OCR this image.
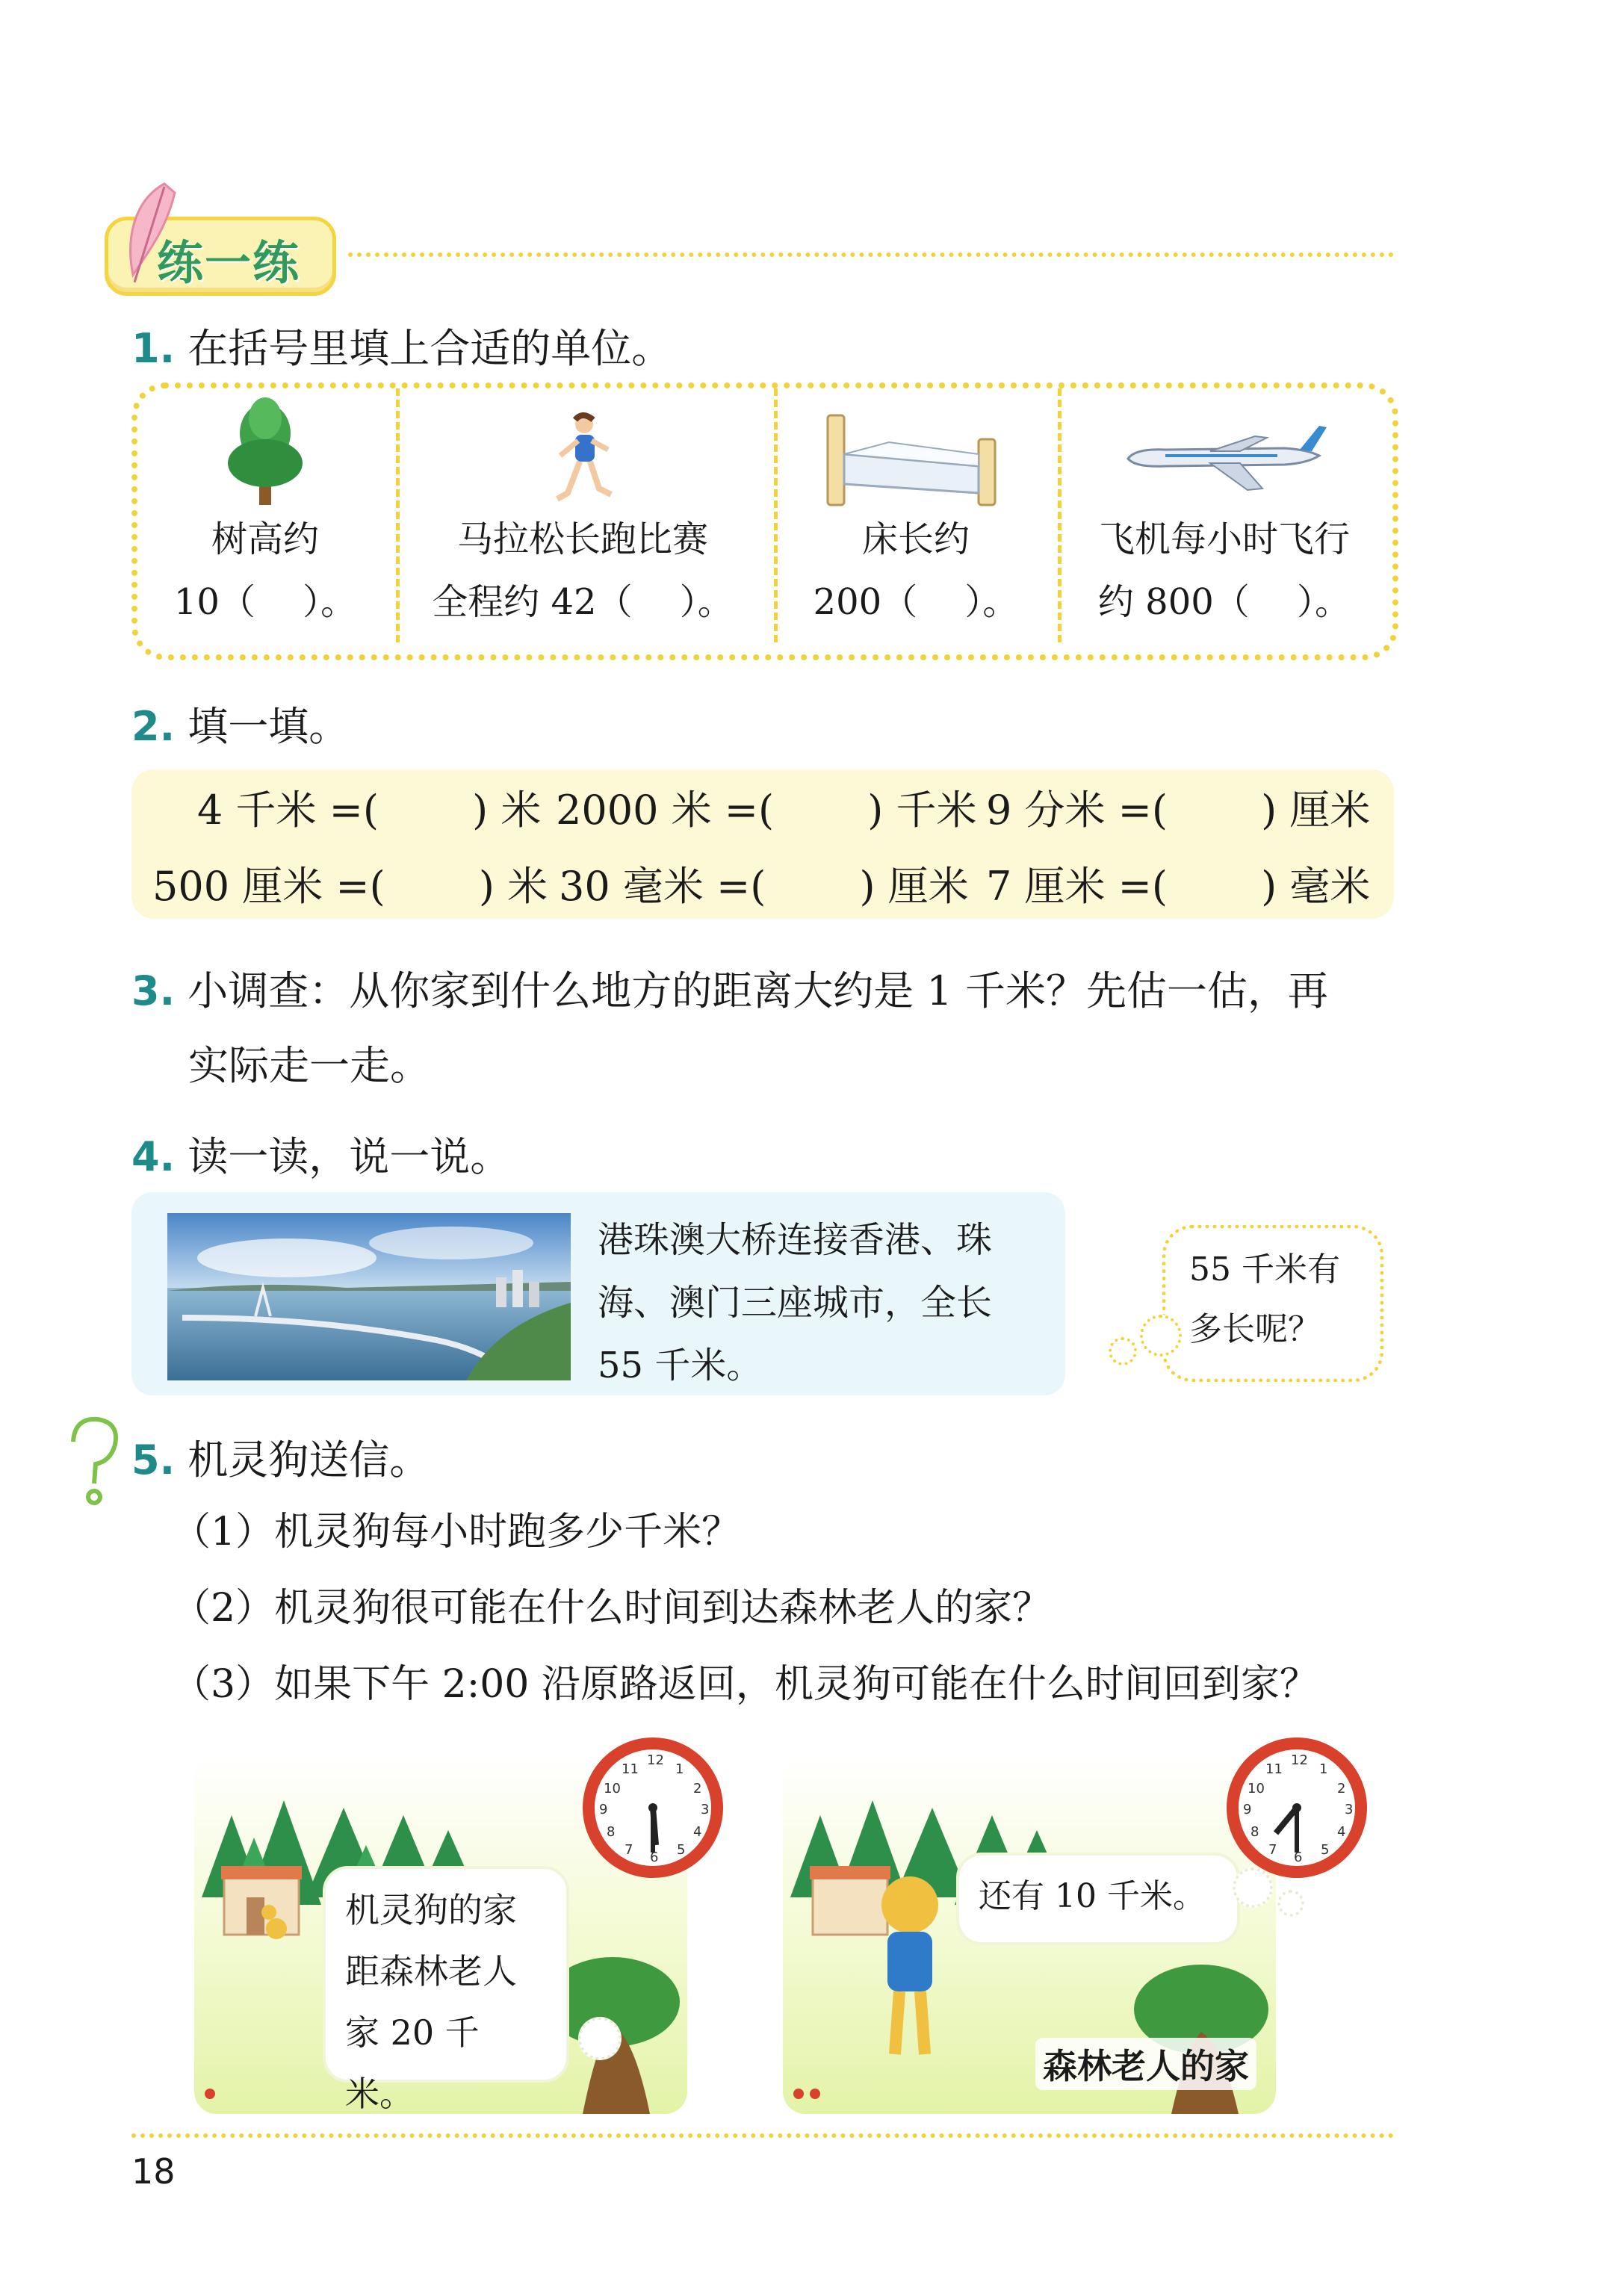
练一练
1. 在括号里填上合适的单位。
树高约
10（　 ）。
马拉松长跑比赛
全程约 42（　 ）。
床长约
200（　 ）。
飞机每小时飞行
约 800（　 ）。
2. 填一填。
4 千米 =(　　 ) 米 2000 米 =(　　 ) 千米 9 分米 =(　　 ) 厘米
500 厘米 =(　　 ) 米 30 毫米 =(　　 ) 厘米 7 厘米 =(　　 ) 毫米
3. 小调查：从你家到什么地方的距离大约是 1 千米？先估一估，再
实际走一走。
4. 读一读，说一说。
港珠澳大桥连接香港、珠
海、澳门三座城市，全长
55 千米。
55 千米有
多长呢？
5. 机灵狗送信。
（1）机灵狗每小时跑多少千米？
（2）机灵狗很可能在什么时间到达森林老人的家？
（3）如果下午 2:00 沿原路返回，机灵狗可能在什么时间回到家？
机灵狗的家
距森林老人
家 20 千米。
12
1
2
3
4
5
6
7
8
9
10
11
还有 10 千米。
森林老人的家
12
1
2
3
4
5
6
7
8
9
10
11
18
